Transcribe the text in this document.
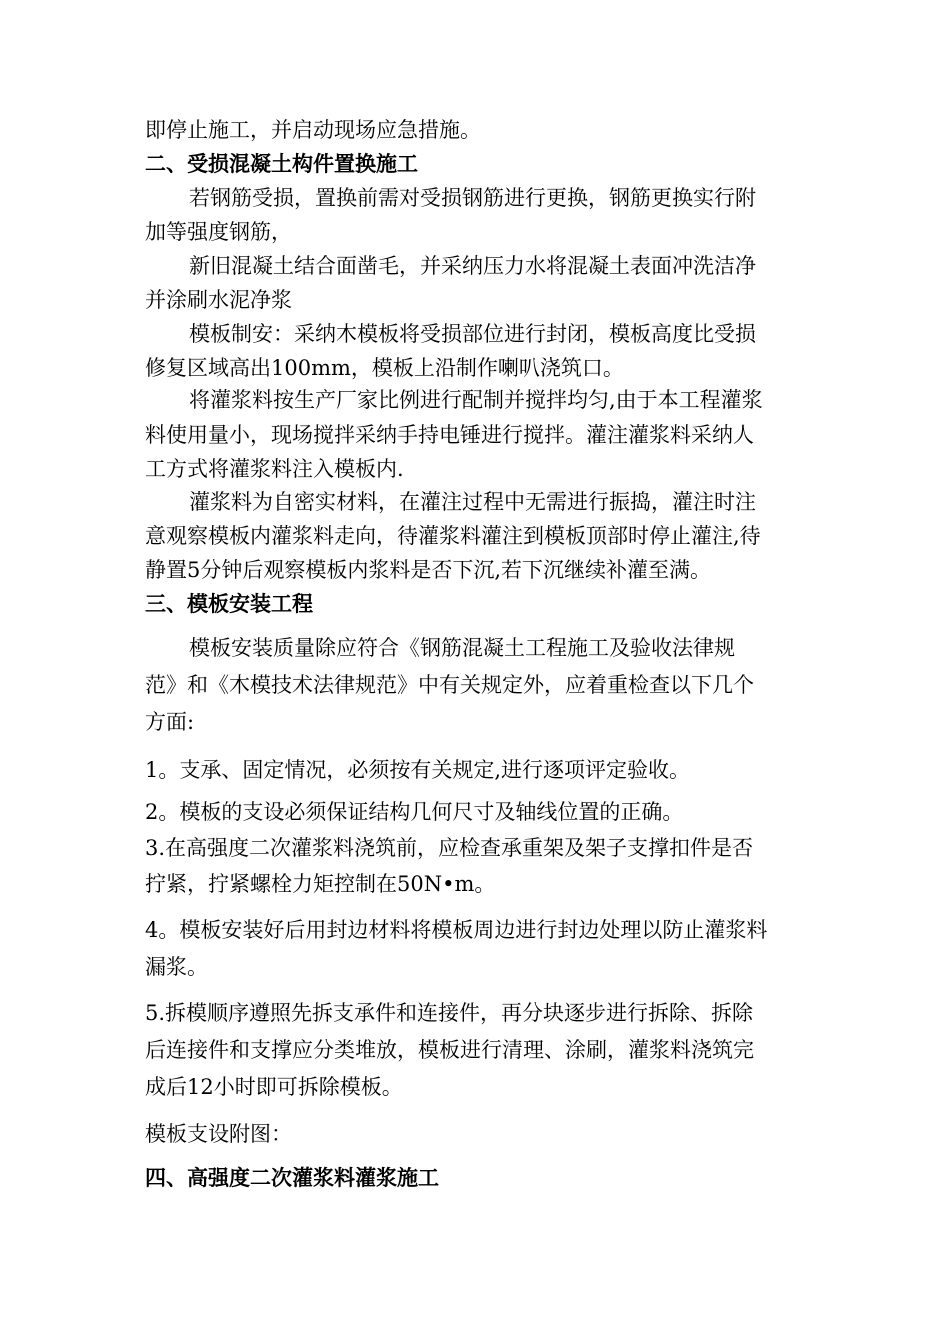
即停止施工，并启动现场应急措施。
二、受损混凝土构件置换施工
若钢筋受损，置换前需对受损钢筋进行更换，钢筋更换实行附
加等强度钢筋，
新旧混凝土结合面凿毛，并采纳压力水将混凝土表面冲洗洁净
并涂刷水泥净浆
模板制安：采纳木模板将受损部位进行封闭，模板高度比受损
修复区域高出100mm，模板上沿制作喇叭浇筑口。
将灌浆料按生产厂家比例进行配制并搅拌均匀,由于本工程灌浆
料使用量小，现场搅拌采纳手持电锤进行搅拌。灌注灌浆料采纳人
工方式将灌浆料注入模板内.
灌浆料为自密实材料，在灌注过程中无需进行振捣，灌注时注
意观察模板内灌浆料走向，待灌浆料灌注到模板顶部时停止灌注,待
静置5分钟后观察模板内浆料是否下沉,若下沉继续补灌至满。
三、模板安装工程
模板安装质量除应符合《钢筋混凝土工程施工及验收法律规
范》和《木模技术法律规范》中有关规定外，应着重检查以下几个
方面:
1。支承、固定情况，必须按有关规定,进行逐项评定验收。
2。模板的支设必须保证结构几何尺寸及轴线位置的正确。
3.在高强度二次灌浆料浇筑前，应检查承重架及架子支撑扣件是否
拧紧，拧紧螺栓力矩控制在50N•m。
4。模板安装好后用封边材料将模板周边进行封边处理以防止灌浆料
漏浆。
5.拆模顺序遵照先拆支承件和连接件，再分块逐步进行拆除、拆除
后连接件和支撑应分类堆放，模板进行清理、涂刷，灌浆料浇筑完
成后12小时即可拆除模板。
模板支设附图：
四、高强度二次灌浆料灌浆施工
